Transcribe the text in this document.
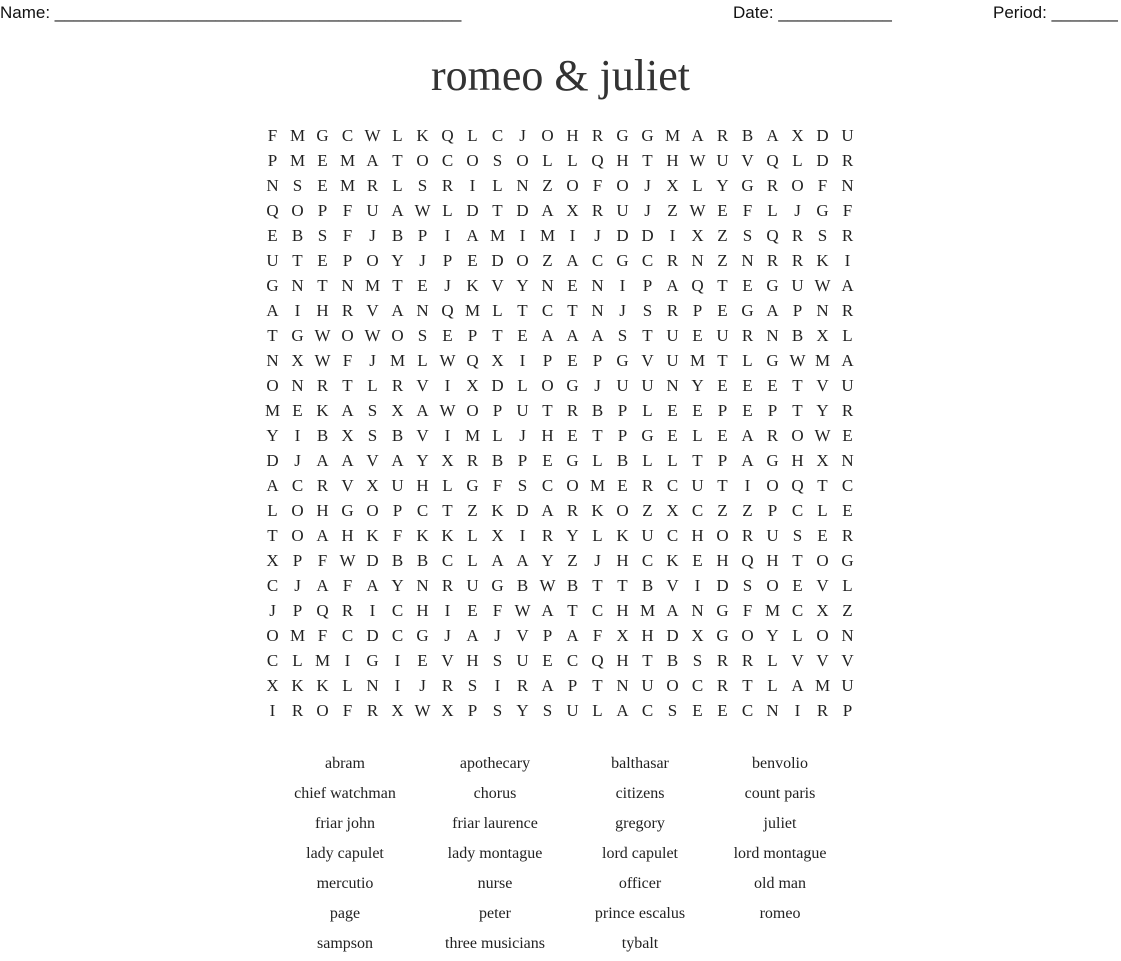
Name: ___________________________________________	Date: ____________	Period: _______
romeo & juliet
F M G C W L K Q L C J O H R G G M A R B A X D U
P M E M A T O C O S O L L Q H T H W U V Q L D R
N S E M R L S R I L N Z O F O J X L Y G R O F N
Q O P F U A W L D T D A X R U J Z W E F L J G F
E B S F J B P	I A M I M I	J D D I X Z S Q R S R
U T E P O Y J P E D O Z A C G C R N Z N R R K I
G N T N M T E J K V Y N E N I	P A Q T E G U W A
A I H R V A N Q M L T C T N J S R P E G A P N R
T G W O W O S E P T E A A A S T U E U R N B X L
N X W F J M L W Q X I	P E P G V U M T L G W M A
O N R T L R V I X D L O G J U U N Y E E E T V U
M E K A S X A W O P U T R B P L E E P E P T Y R
Y I B X S B V I M L J H E T P G E L E A R O W E
D J A A V A Y X R B P E G L B L L T P A G H X N
A C R V X U H L G F S C O M E R C U T I O Q T C
L O H G O P C T Z K D A R K O Z X C Z Z P C L E
T O A H K F K K L X I R Y L K U C H O R U S E R
X P F W D B B C L A A Y Z J H C K E H Q H T O G
C J A F A Y N R U G B W B T T B V I D S O E V L
J P Q R I C H I E F W A T C H M A N G F M C X Z
O M F C D C G J A J V P A F X H D X G O Y L O N
C L M I G I E V H S U E C Q H T B S R R L V V V
X K K L N I	J R S	I R A P T N U O C R T L A M U
I R O F R X W X P S Y S U L A C S E E C N I R P
abram	apothecary	balthasar	benvolio
chief watchman	chorus	citizens	count paris
friar john	friar laurence	gregory	juliet
lady capulet	lady montague	lord capulet	lord montague
mercutio	nurse	officer	old man
page	peter	prince escalus	romeo
sampson	three musicians	tybalt
